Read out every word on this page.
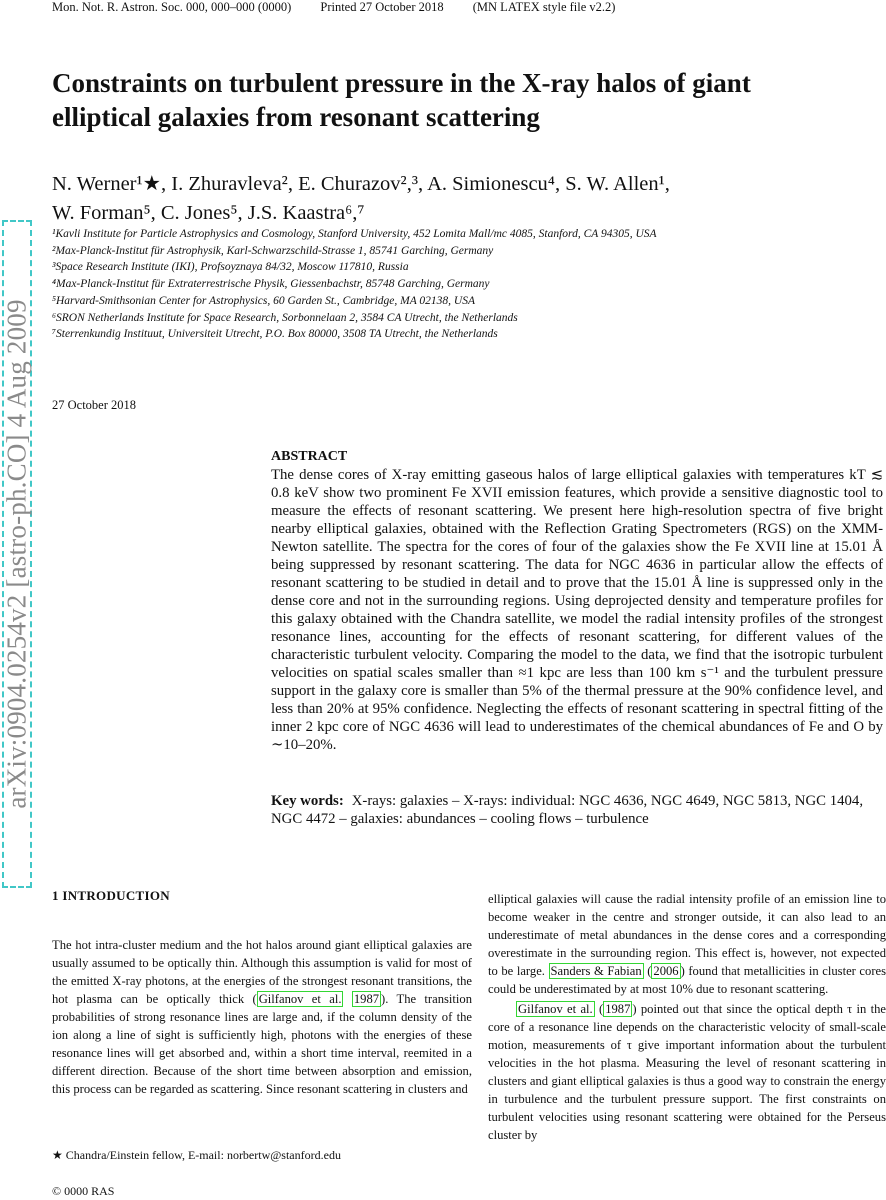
Mon. Not. R. Astron. Soc. 000, 000–000 (0000) Printed 27 October 2018 (MN LATEX style file v2.2)
Constraints on turbulent pressure in the X-ray halos of giant elliptical galaxies from resonant scattering
N. Werner¹★, I. Zhuravleva², E. Churazov²,³, A. Simionescu⁴, S. W. Allen¹,
W. Forman⁵, C. Jones⁵, J.S. Kaastra⁶,⁷
¹Kavli Institute for Particle Astrophysics and Cosmology, Stanford University, 452 Lomita Mall/mc 4085, Stanford, CA 94305, USA
²Max-Planck-Institut für Astrophysik, Karl-Schwarzschild-Strasse 1, 85741 Garching, Germany
³Space Research Institute (IKI), Profsoyznaya 84/32, Moscow 117810, Russia
⁴Max-Planck-Institut für Extraterrestrische Physik, Giessenbachstr, 85748 Garching, Germany
⁵Harvard-Smithsonian Center for Astrophysics, 60 Garden St., Cambridge, MA 02138, USA
⁶SRON Netherlands Institute for Space Research, Sorbonnelaan 2, 3584 CA Utrecht, the Netherlands
⁷Sterrenkundig Instituut, Universiteit Utrecht, P.O. Box 80000, 3508 TA Utrecht, the Netherlands
27 October 2018
arXiv:0904.0254v2 [astro-ph.CO] 4 Aug 2009	ABSTRACT
The dense cores of X-ray emitting gaseous halos of large elliptical galaxies with temperatures kT ≲ 0.8 keV show two prominent Fe XVII emission features, which provide a sensitive diagnostic tool to measure the effects of resonant scattering. We present here high-resolution spectra of five bright nearby elliptical galaxies, obtained with the Reflection Grating Spectrometers (RGS) on the XMM-Newton satellite. The spectra for the cores of four of the galaxies show the Fe XVII line at 15.01 Å being suppressed by resonant scattering. The data for NGC 4636 in particular allow the effects of resonant scattering to be studied in detail and to prove that the 15.01 Å line is suppressed only in the dense core and not in the surrounding regions. Using deprojected density and temperature profiles for this galaxy obtained with the Chandra satellite, we model the radial intensity profiles of the strongest resonance lines, accounting for the effects of resonant scattering, for different values of the characteristic turbulent velocity. Comparing the model to the data, we find that the isotropic turbulent velocities on spatial scales smaller than ≈1 kpc are less than 100 km s⁻¹ and the turbulent pressure support in the galaxy core is smaller than 5% of the thermal pressure at the 90% confidence level, and less than 20% at 95% confidence. Neglecting the effects of resonant scattering in spectral fitting of the inner 2 kpc core of NGC 4636 will lead to underestimates of the chemical abundances of Fe and O by ∼10–20%.
Key words: X-rays: galaxies – X-rays: individual: NGC 4636, NGC 4649, NGC 5813, NGC 1404, NGC 4472 – galaxies: abundances – cooling flows – turbulence
1 INTRODUCTION

The hot intra-cluster medium and the hot halos around giant elliptical galaxies are usually assumed to be optically thin. Although this assumption is valid for most of the emitted X-ray photons, at the energies of the strongest resonant transitions, the hot plasma can be optically thick ( Gilfanov et al. 1987 ). The transition probabilities of strong resonance lines are large and, if the column density of the ion along a line of sight is sufficiently high, photons with the energies of these resonance lines will get absorbed and, within a short time interval, reemited in a different direction. Because of the short time between absorption and emission, this process can be regarded as scattering. Since resonant scattering in clusters and

elliptical galaxies will cause the radial intensity profile of an emission line to become weaker in the centre and stronger outside, it can also lead to an underestimate of metal abundances in the dense cores and a corresponding overestimate in the surrounding region. This effect is, however, not expected to be large. Sanders & Fabian ( 2006 ) found that metallicities in cluster cores could be underestimated by at most 10% due to resonant scattering.

Gilfanov et al. ( 1987 ) pointed out that since the optical depth τ in the core of a resonance line depends on the characteristic velocity of small-scale motion, measurements of τ give important information about the turbulent velocities in the hot plasma. Measuring the level of resonant scattering in clusters and giant elliptical galaxies is thus a good way to constrain the energy in turbulence and the turbulent pressure support. The first constraints on turbulent velocities using resonant scattering were obtained for the Perseus cluster by

★ Chandra/Einstein fellow, E-mail: norbertw@stanford.edu
© 0000 RAS
